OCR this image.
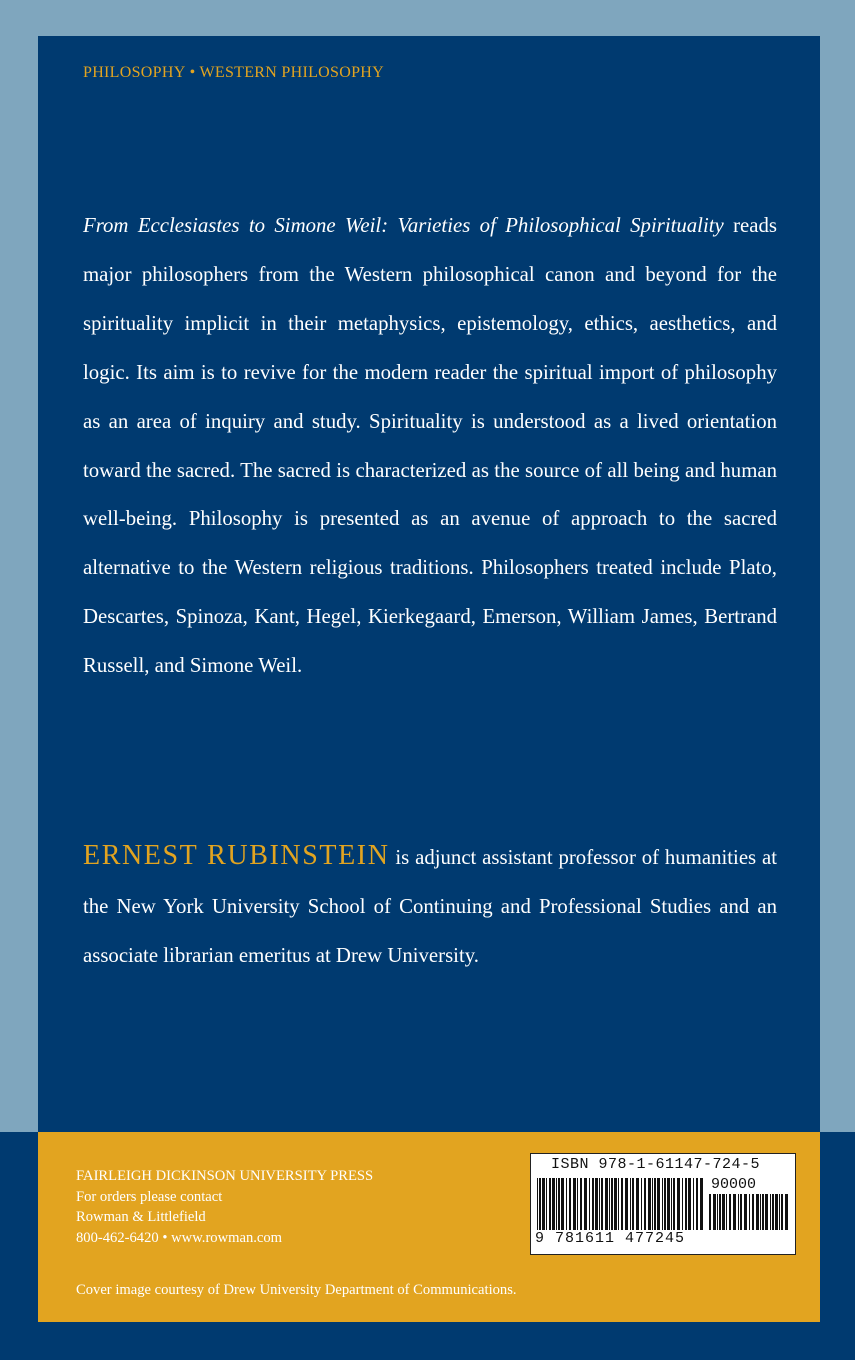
PHILOSOPHY • WESTERN PHILOSOPHY
From Ecclesiastes to Simone Weil: Varieties of Philosophical Spirituality reads major philosophers from the Western philosophical canon and beyond for the spirituality implicit in their metaphysics, epistemology, ethics, aesthetics, and logic. Its aim is to revive for the modern reader the spiritual import of philosophy as an area of inquiry and study. Spirituality is understood as a lived orientation toward the sacred. The sacred is characterized as the source of all being and human well-being. Philosophy is presented as an avenue of approach to the sacred alternative to the Western religious traditions. Philosophers treated include Plato, Descartes, Spinoza, Kant, Hegel, Kierkegaard, Emerson, William James, Bertrand Russell, and Simone Weil.
ERNEST RUBINSTEIN is adjunct assistant professor of humanities at the New York University School of Continuing and Professional Studies and an associate librarian emeritus at Drew University.
FAIRLEIGH DICKINSON UNIVERSITY PRESS
For orders please contact
Rowman & Littlefield
800-462-6420 • www.rowman.com
ISBN 978-1-61147-724-5
90000
9 781611 477245
Cover image courtesy of Drew University Department of Communications.
